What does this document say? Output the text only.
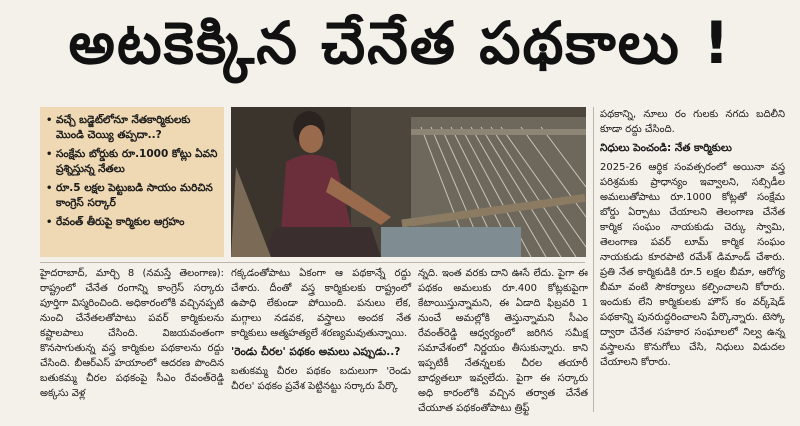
అటకెక్కిన చేనేత పథకాలు !
• వచ్చే బడ్జెట్‌లోనూ నేతకార్మికులకు మొండి చెయ్యి తప్పదా..?
• సంక్షేమ బోర్డుకు రూ.1000 కోట్లు ఏవని ప్రశ్నిస్తున్న నేతలు
• రూ.5 లక్షల పెట్టుబడి సాయం మరిచిన కాంగ్రెస్ సర్కార్
• రేవంత్ తీరుపై కార్మికుల ఆగ్రహం

హైదరాబాద్, మార్చి 8 (నమస్తే తెలంగాణ): రాష్ట్రంలో చేనేత రంగాన్ని కాంగ్రెస్ సర్కారు పూర్తిగా విస్మరించింది. అధికారంలోకి వచ్చినప్పటి నుంచి చేనేతలతోపాటు పవర్ కార్మికులను కష్టాలపాలు చేసింది. విజయవంతంగా కొనసాగుతున్న వస్త్ర కార్మికుల పథకాలను రద్దు చేసింది. బీఆర్‌ఎస్ హయాంలో ఆదరణ పొందిన బతుకమ్మ చీరల పథకంపై సీఎం రేవంత్‌రెడ్డి అక్కసు వెళ్ల

గక్కడంతోపాటు ఏకంగా ఆ పథకాన్నే రద్దు చేశారు. దీంతో వస్త్ర కార్మికులకు రాష్ట్రంలో ఉపాధి లేకుండా పోయింది. పనులు లేక, మగ్గాలు నడవక, వస్త్రాలు అందక నేత కార్మికులు ఆత్మహత్యలే శరణ్యమవుతున్నాయి.

'రెండు చీరల' పథకం అమలు ఎప్పుడు..?

బతుకమ్మ చీరల పథకం బదులుగా 'రెండు చీరల' పథకం ప్రవేశ పెట్టినట్టు సర్కారు పేర్కొ

న్నది. ఇంత వరకు దాని ఊసే లేదు. పైగా ఈ పథకం అమలుకు రూ.400 కోట్లకుపైగా కేటాయిస్తున్నామని, ఈ ఏడాది ఫిబ్రవరి 1 నుంచే అమల్లోకి తెస్తున్నామని సీఎం రేవంత్‌రెడ్డి ఆధ్వర్యంలో జరిగిన సమీక్ష సమావేశంలో నిర్ణయం తీసుకున్నారు. కాని ఇప్పటికీ నేతన్నలకు చీరల తయారీ బాధ్యతలూ ఇవ్వలేదు. పైగా ఈ సర్కారు అధి కారంలోకి వచ్చిన తర్వాత చేనేత చేయూత పథకంతోపాటు త్రిఫ్ట్

పథకాన్ని, నూలు రం గులకు నగదు బదిలీని కూడా రద్దు చేసింది.

నిధులు పెంచండి: నేత కార్మికులు

2025-26 ఆర్థిక సంవత్సరంలో అయినా వస్త్ర పరిశ్రమకు ప్రాధాన్యం ఇవ్వాలని, సబ్సిడీల అమలుతోపాటు రూ.1000 కోట్లతో సంక్షేమ బోర్డు ఏర్పాటు చేయాలని తెలంగాణ చేనేత కార్మిక సంఘం నాయకుడు చెర్కు స్వామి, తెలంగాణ పవర్ లూమ్ కార్మిక సంఘం నాయకుడు కూరపాటి రమేశ్ డిమాండ్ చేశారు. ప్రతి నేత కార్మికుడికి రూ.5 లక్షల బీమా, ఆరోగ్య బీమా వంటి సౌకర్యాలు కల్పించాలని కోరారు. ఇందుకు లేని కార్మికులకు హౌస్ కం వర్క్‌షెడ్ పథకాన్ని పునరుద్ధరించాలని పేర్కొన్నారు. టెస్కో ద్వారా చేనేత సహకార సంఘాలలో నిల్వ ఉన్న వస్త్రాలను కొనుగోలు చేసి, నిధులు విడుదల చేయాలని కోరారు.
